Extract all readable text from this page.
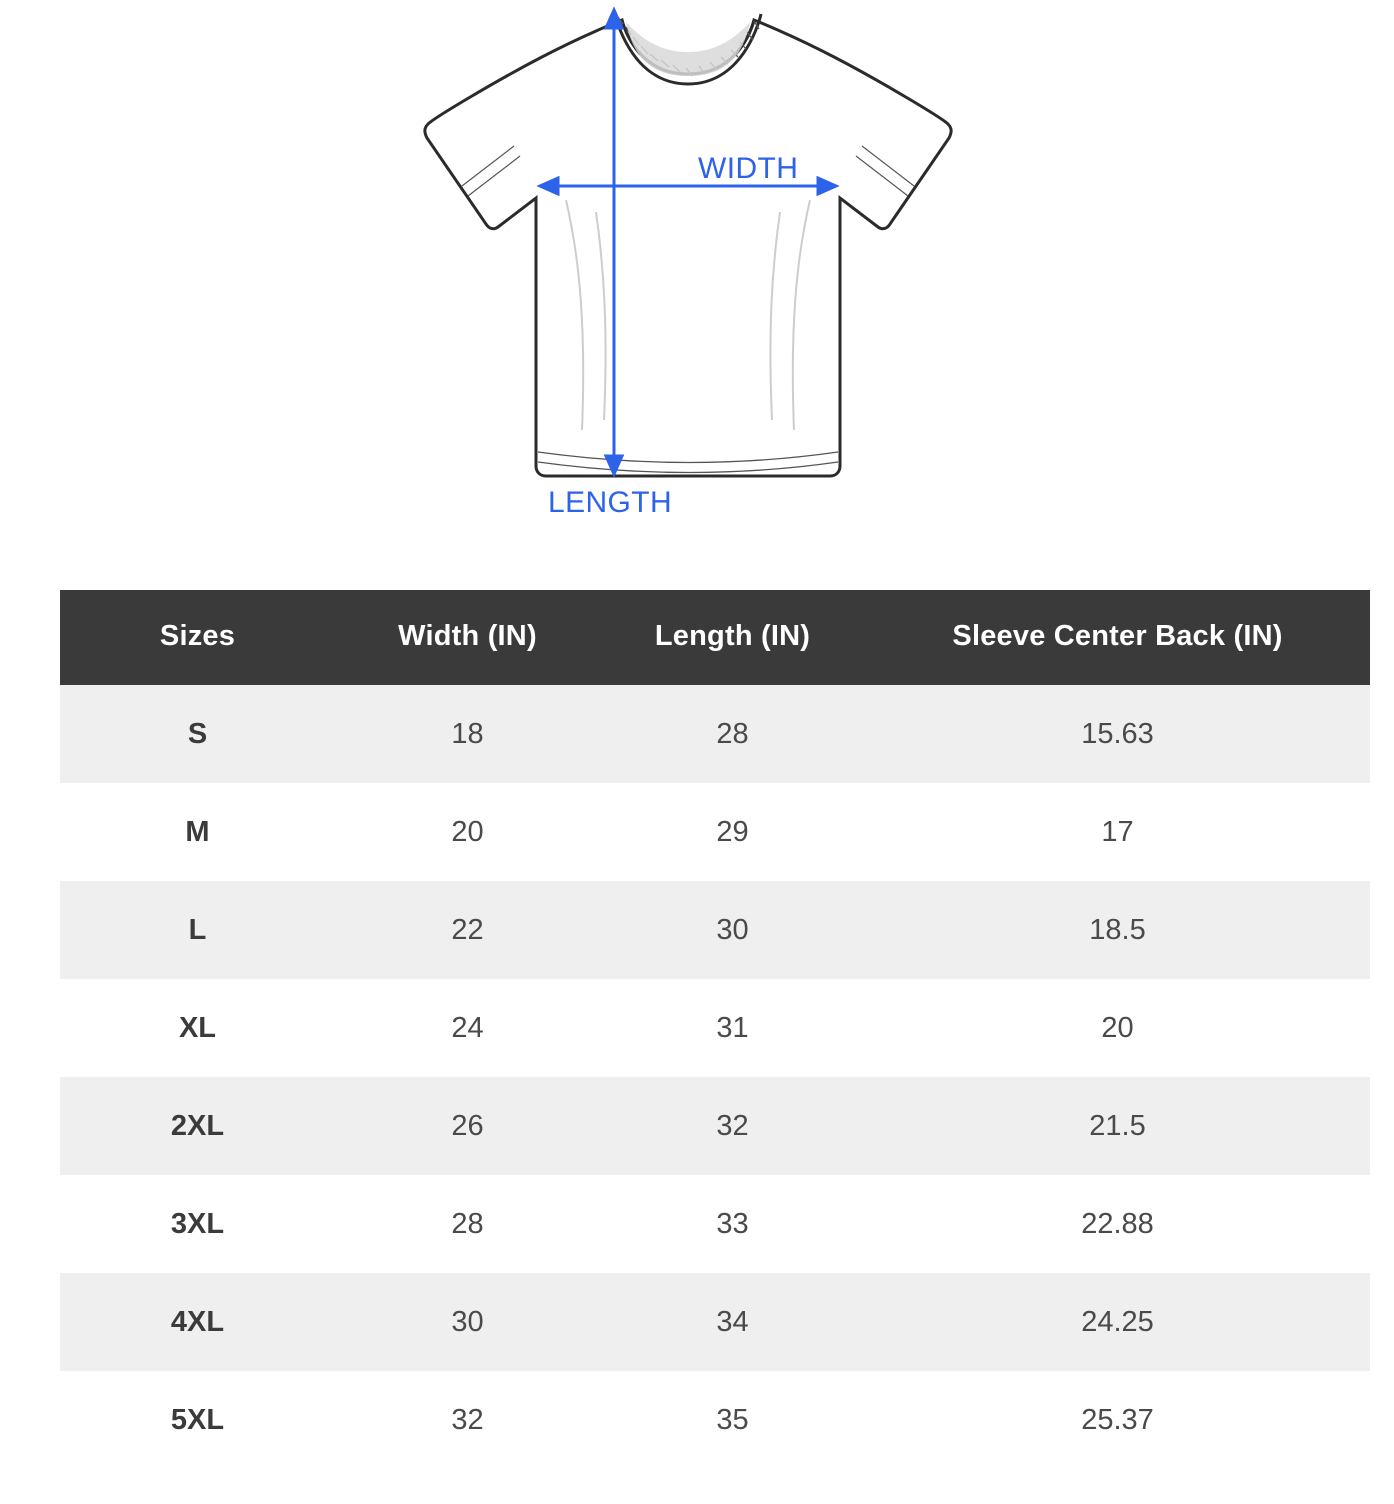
WIDTH
LENGTH
Sizes	Width (IN)	Length (IN)	Sleeve Center Back (IN)
S	18	28	15.63
M	20	29	17
L	22	30	18.5
XL	24	31	20
2XL	26	32	21.5
3XL	28	33	22.88
4XL	30	34	24.25
5XL	32	35	25.37
